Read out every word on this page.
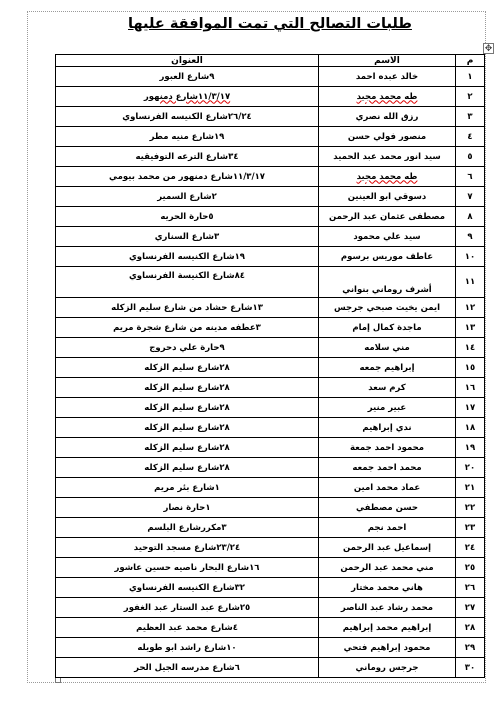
✥
طلبات التصالح التي تمت الموافقة عليها
م	الاسم	العنوان
١	خالد عبده احمد	٩شارع العبور
٢	طه محمد مجيد	١١/٣/١٧شارع دمنهور
٣	رزق الله نصري	٢٦/٢٤شارع الكنيسه الفرنساوي
٤	منصور فولي حسن	١٩شارع منيه مطر
٥	سيد انور محمد عبد الحميد	٣٤شارع الترعه التوفيقيه
٦	طه محمد مجيد	١١/٣/١٧شارع دمنهور من محمد بيومي
٧	دسوقي ابو العينين	٢شارع السمير
٨	مصطفى عثمان عبد الرحمن	٥حارة الحريه
٩	سيد علي محمود	٣شارع السناري
١٠	عاطف موريس برسوم	١٩شارع الكنيسه الفرنساوي
١١	أشرف روماني بنواني	٨٤شارع الكنيسة الفرنساوي
١٢	ايمن يخيت صبحي جرجس	١٣شارع حشاد من شارع سليم الزكله
١٣	ماجدة كمال إمام	٣عطفه مدينه من شارع شجرة مريم
١٤	مني سلامه	٩حارة علي دحروج
١٥	إبراهيم جمعه	٢٨شارع سليم الزكله
١٦	كرم سعد	٢٨شارع سليم الزكله
١٧	عبير منير	٢٨شارع سليم الزكله
١٨	ندي إبراهيم	٢٨شارع سليم الزكله
١٩	محمود احمد جمعة	٢٨شارع سليم الزكله
٢٠	محمد احمد جمعه	٢٨شارع سليم الزكله
٢١	عماد محمد امين	١شارع بئر مريم
٢٢	حسن مصطفي	١حارة نصار
٢٣	احمد نجم	٣مكررشارع البلسم
٢٤	إسماعيل عبد الرحمن	٢٣/٢٤شارع مسجد التوحيد
٢٥	مني محمد عبد الرحمن	١٦شارع البحار ناصيه حسين عاشور
٢٦	هاني محمد مختار	٣٢شارع الكنيسه الفرنساوي
٢٧	محمد رشاد عبد الناصر	٢٥شارع عبد الستار عبد الغفور
٢٨	إبراهيم محمد إبراهيم	٤شارع محمد عبد العظيم
٢٩	محمود إبراهيم فتحي	١٠شارع راشد ابو طويله
٣٠	جرجس روماني	٦شارع مدرسه الجيل الحر
